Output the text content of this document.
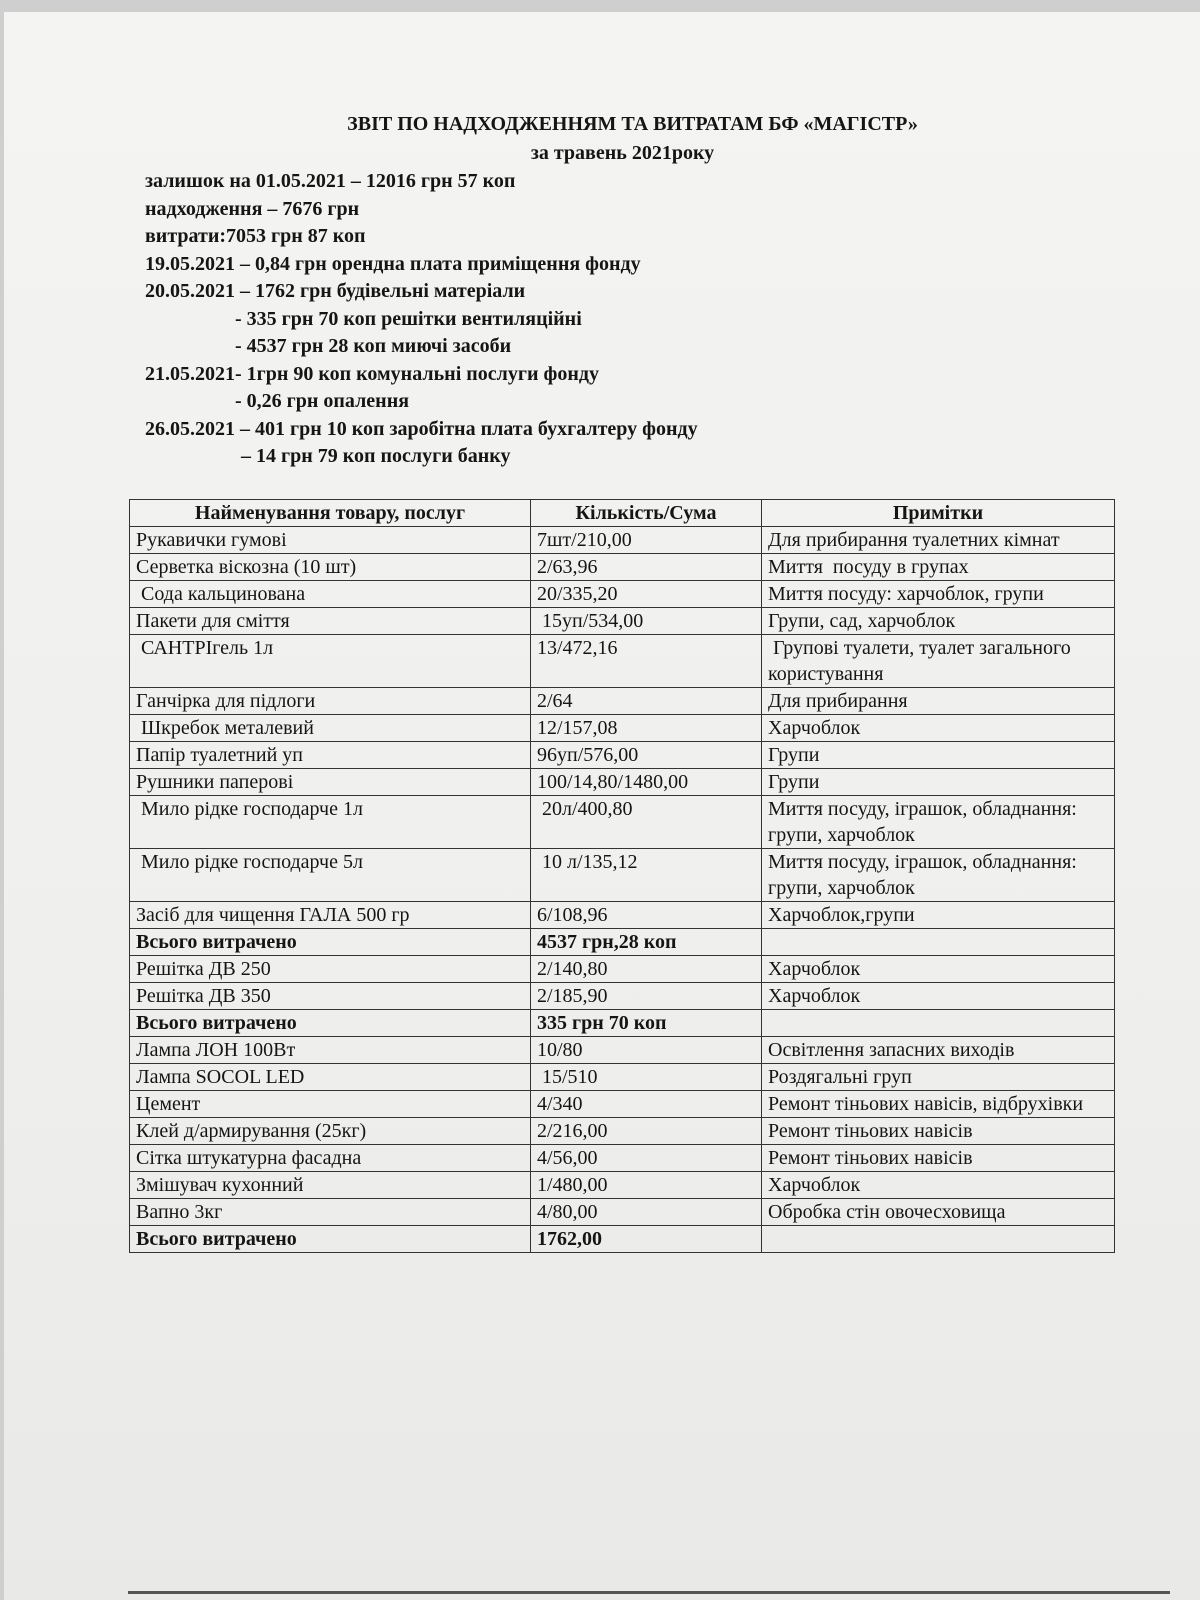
ЗВІТ ПО НАДХОДЖЕННЯМ ТА ВИТРАТАМ БФ «МАГІСТР»
за травень 2021року
залишок на 01.05.2021 – 12016 грн 57 коп
надходження – 7676 грн
витрати:7053 грн 87 коп
19.05.2021 – 0,84 грн орендна плата приміщення фонду
20.05.2021 – 1762 грн будівельні матеріали
- 335 грн 70 коп решітки вентиляційні
- 4537 грн 28 коп миючі засоби
21.05.2021- 1грн 90 коп комунальні послуги фонду
- 0,26 грн опалення
26.05.2021 – 401 грн 10 коп заробітна плата бухгалтеру фонду
– 14 грн 79 коп послуги банку
Найменування товару, послуг	Кількість/Сума	Примітки
Рукавички гумові	7шт/210,00	Для прибирання туалетних кімнат
Серветка віскозна (10 шт)	2/63,96	Миття  посуду в групах
Сода кальцинована	20/335,20	Миття посуду: харчоблок, групи
Пакети для сміття	15уп/534,00	Групи, сад, харчоблок
САНТРІгель 1л	13/472,16	Групові туалети, туалет загального користування
Ганчірка для підлоги	2/64	Для прибирання
Шкребок металевий	12/157,08	Харчоблок
Папір туалетний уп	96уп/576,00	Групи
Рушники паперові	100/14,80/1480,00	Групи
Мило рідке господарче 1л	20л/400,80	Миття посуду, іграшок, обладнання: групи, харчоблок
Мило рідке господарче 5л	10 л/135,12	Миття посуду, іграшок, обладнання: групи, харчоблок
Засіб для чищення ГАЛА 500 гр	6/108,96	Харчоблок,групи
Всього витрачено	4537 грн,28 коп	
Решітка ДВ 250	2/140,80	Харчоблок
Решітка ДВ 350	2/185,90	Харчоблок
Всього витрачено	335 грн 70 коп	
Лампа ЛОН 100Вт	10/80	Освітлення запасних виходів
Лампа SOCOL LED	15/510	Роздягальні груп
Цемент	4/340	Ремонт тіньових навісів, відбрухівки
Клей д/армирування (25кг)	2/216,00	Ремонт тіньових навісів
Сітка штукатурна фасадна	4/56,00	Ремонт тіньових навісів
Змішувач кухонний	1/480,00	Харчоблок
Вапно 3кг	4/80,00	Обробка стін овочесховища
Всього витрачено	1762,00	
